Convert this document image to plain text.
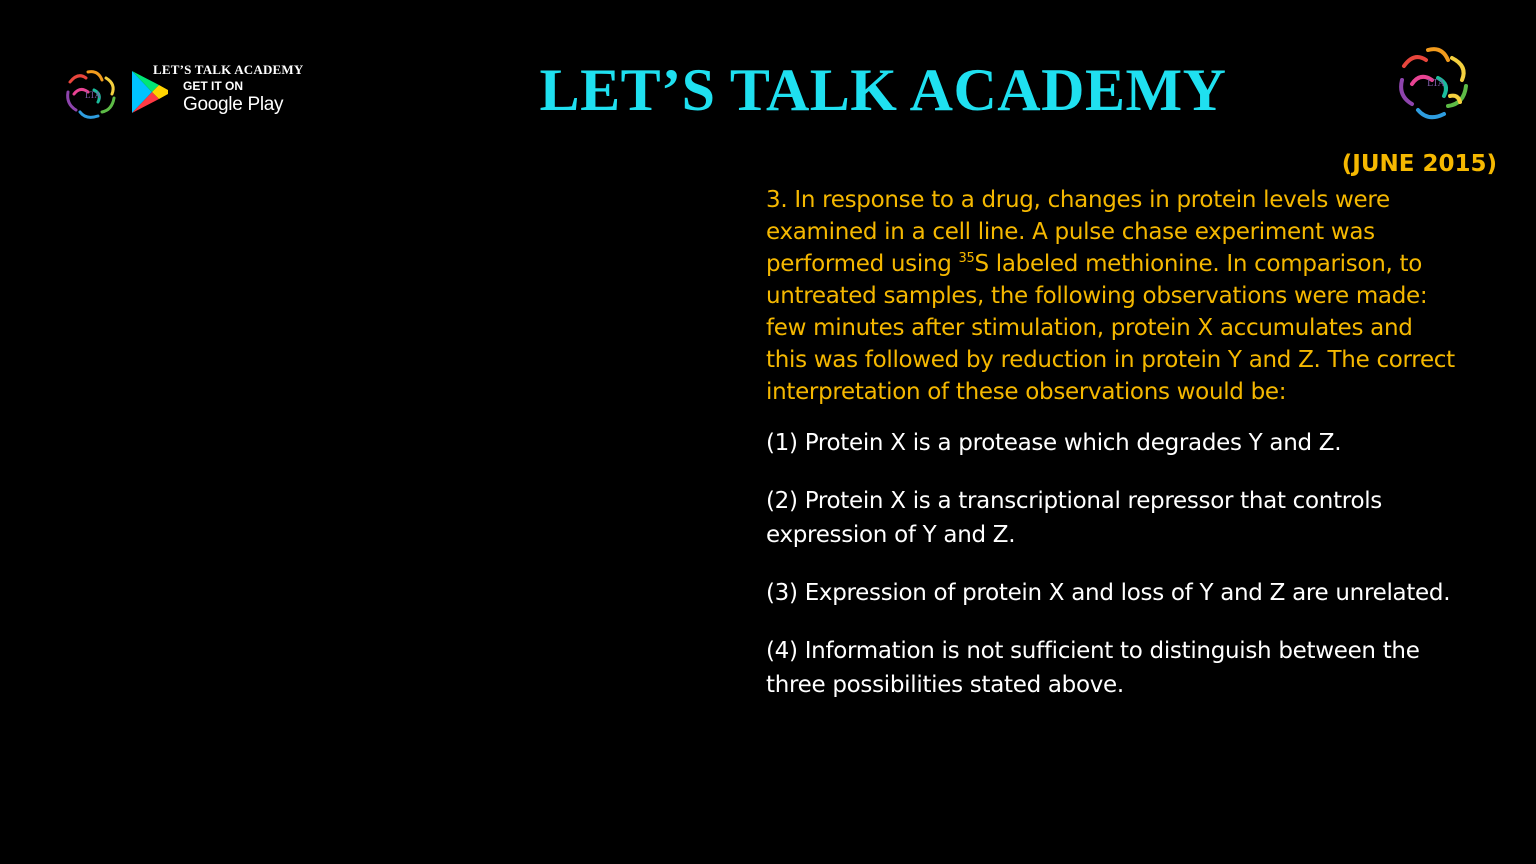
LTA
LET’S TALK ACADEMY
GET IT ON
Google Play	LET’S TALK ACADEMY	LTA
(JUNE 2015)
3. In response to a drug, changes in protein levels were
examined in a cell line. A pulse chase experiment was
performed using $^{35}$S labeled methionine. In comparison, to
untreated samples, the following observations were made:
few minutes after stimulation, protein X accumulates and
this was followed by reduction in protein Y and Z. The correct
interpretation of these observations would be:
(1) Protein X is a protease which degrades Y and Z.
(2) Protein X is a transcriptional repressor that controls
expression of Y and Z.
(3) Expression of protein X and loss of Y and Z are unrelated.
(4) Information is not sufficient to distinguish between the
three possibilities stated above.
